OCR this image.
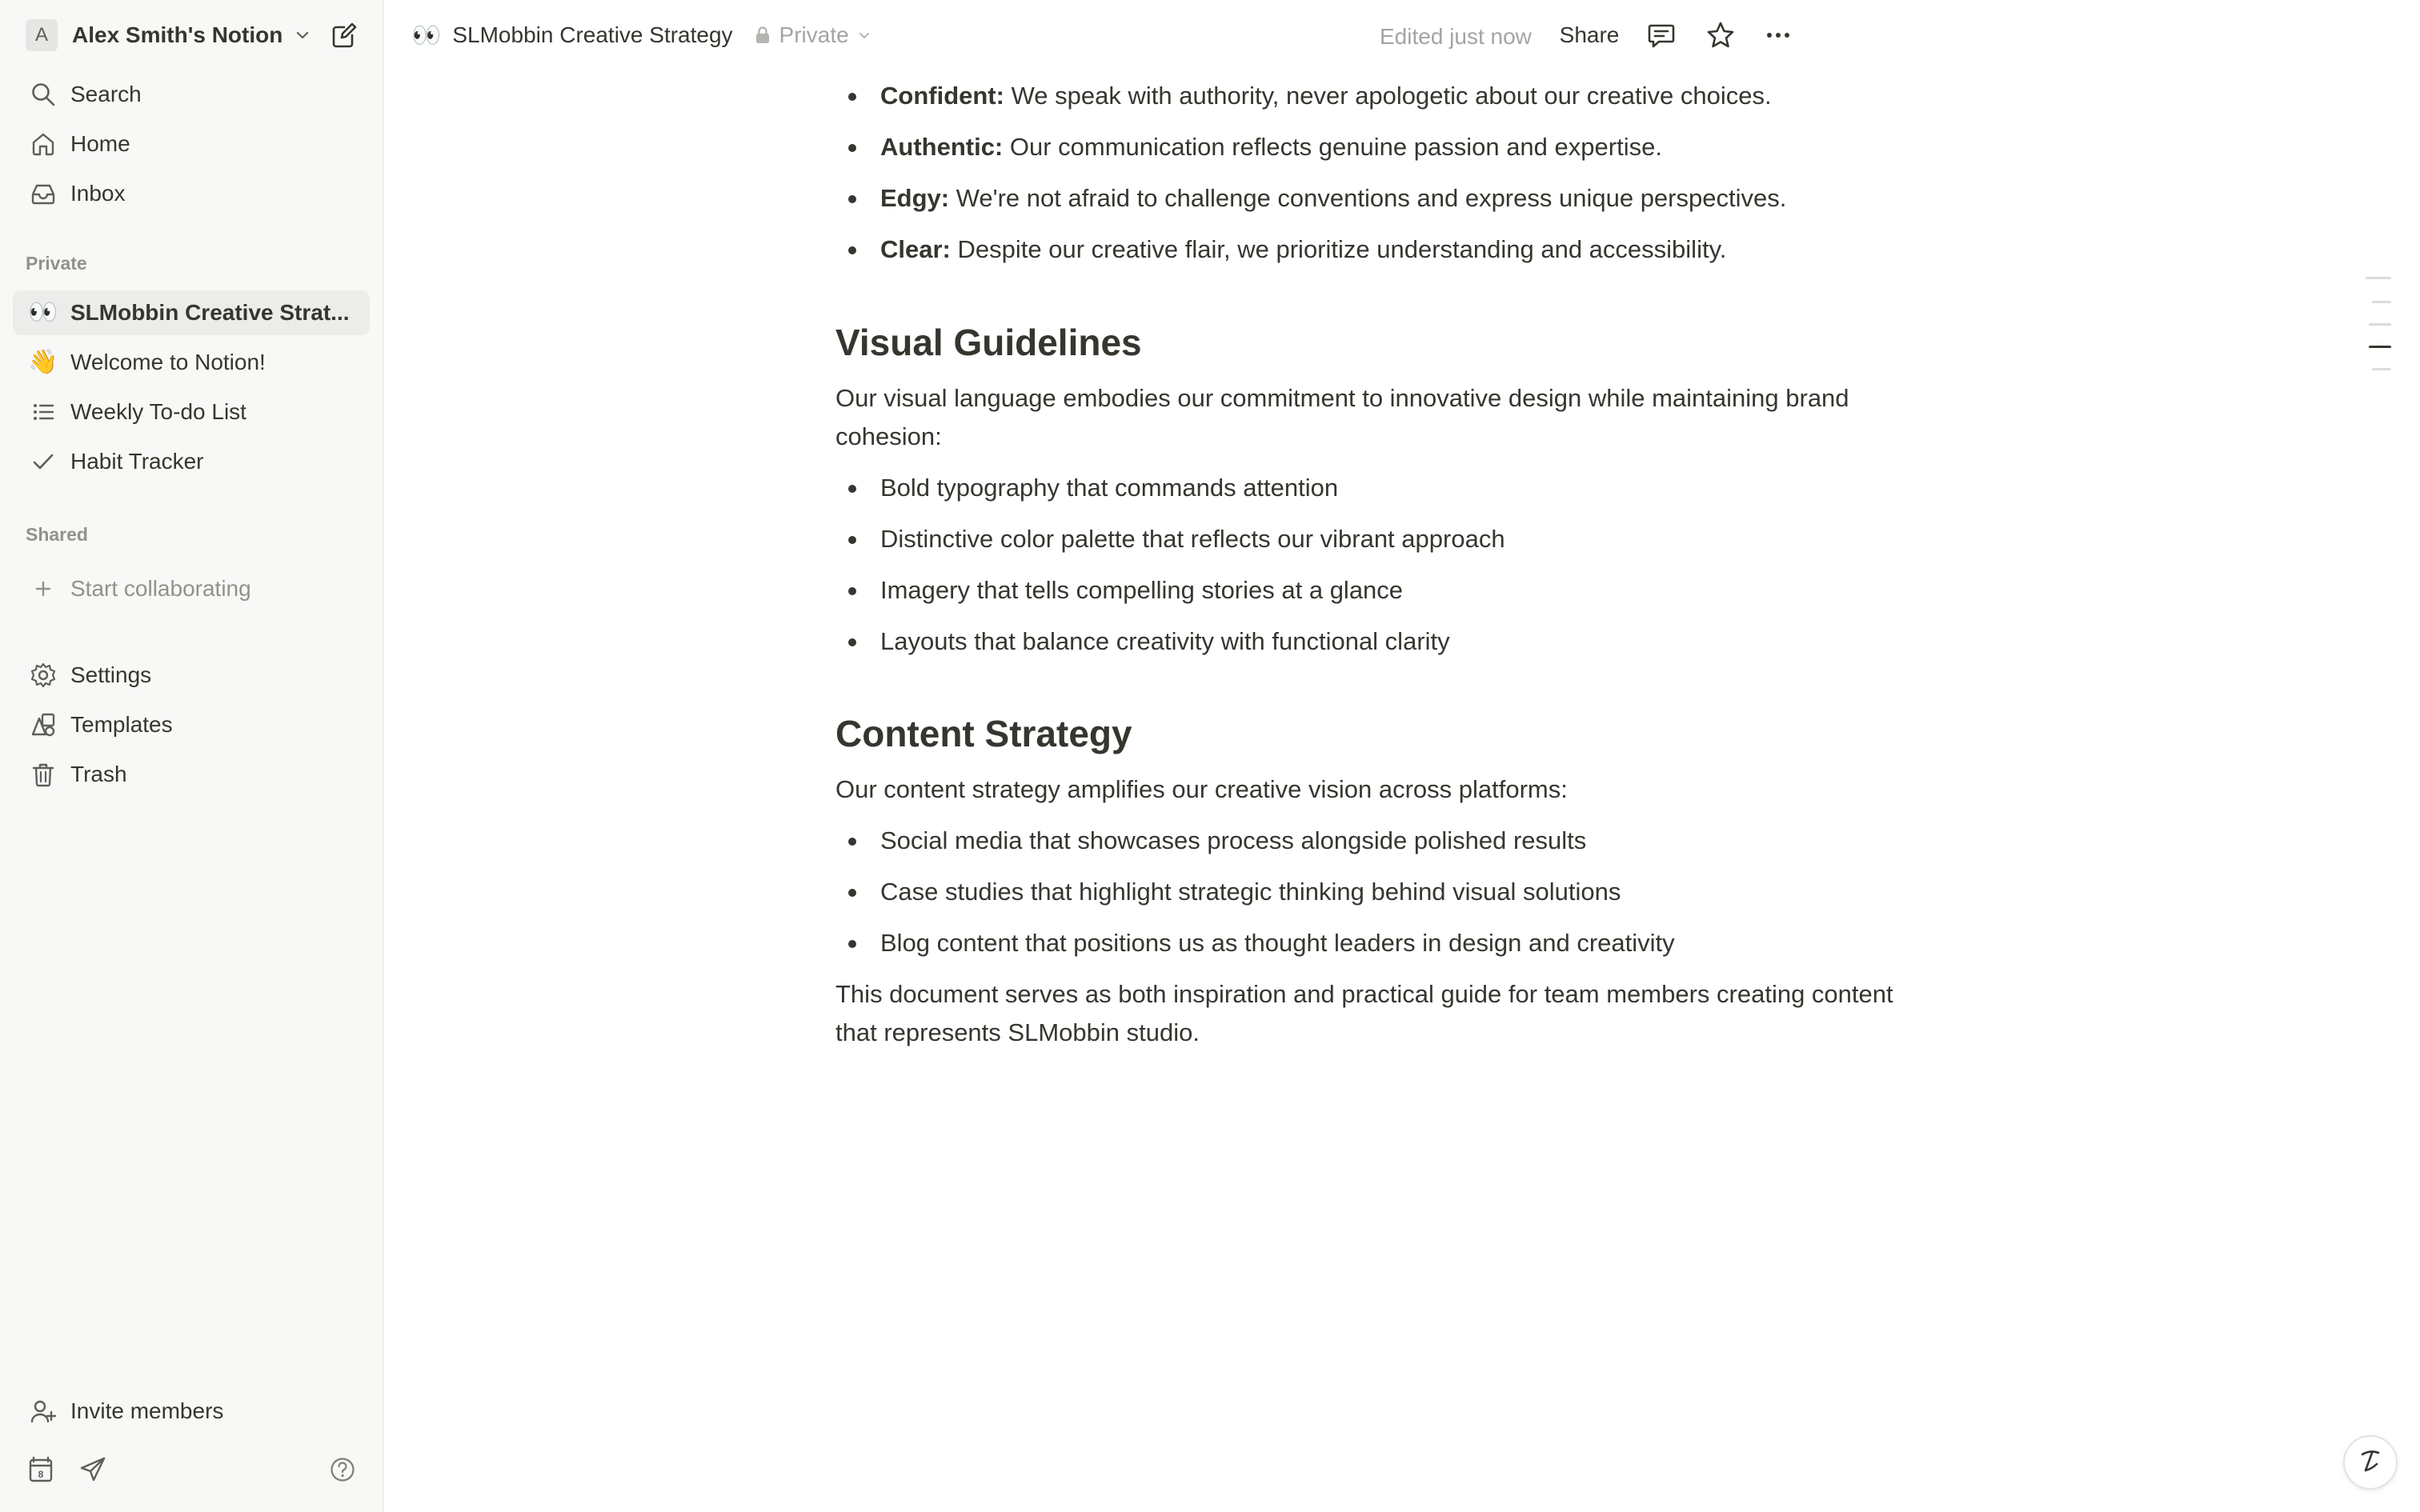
A	Alex Smith's Notion
Search
Home
Inbox
Private
👀 SLMobbin Creative Strat...
👋 Welcome to Notion!
Weekly To-do List
Habit Tracker
Shared
Start collaborating
Settings
Templates
Trash
Invite members
8
👀 SLMobbin Creative Strategy Private	Edited just now	Share
Confident: We speak with authority, never apologetic about our creative choices.
Authentic: Our communication reflects genuine passion and expertise.
Edgy: We're not afraid to challenge conventions and express unique perspectives.
Clear: Despite our creative flair, we prioritize understanding and accessibility.
Visual Guidelines

Our visual language embodies our commitment to innovative design while maintaining brand

cohesion:

Bold typography that commands attention
Distinctive color palette that reflects our vibrant approach
Imagery that tells compelling stories at a glance
Layouts that balance creativity with functional clarity
Content Strategy

Our content strategy amplifies our creative vision across platforms:

Social media that showcases process alongside polished results
Case studies that highlight strategic thinking behind visual solutions
Blog content that positions us as thought leaders in design and creativity

This document serves as both inspiration and practical guide for team members creating content

that represents SLMobbin studio.
